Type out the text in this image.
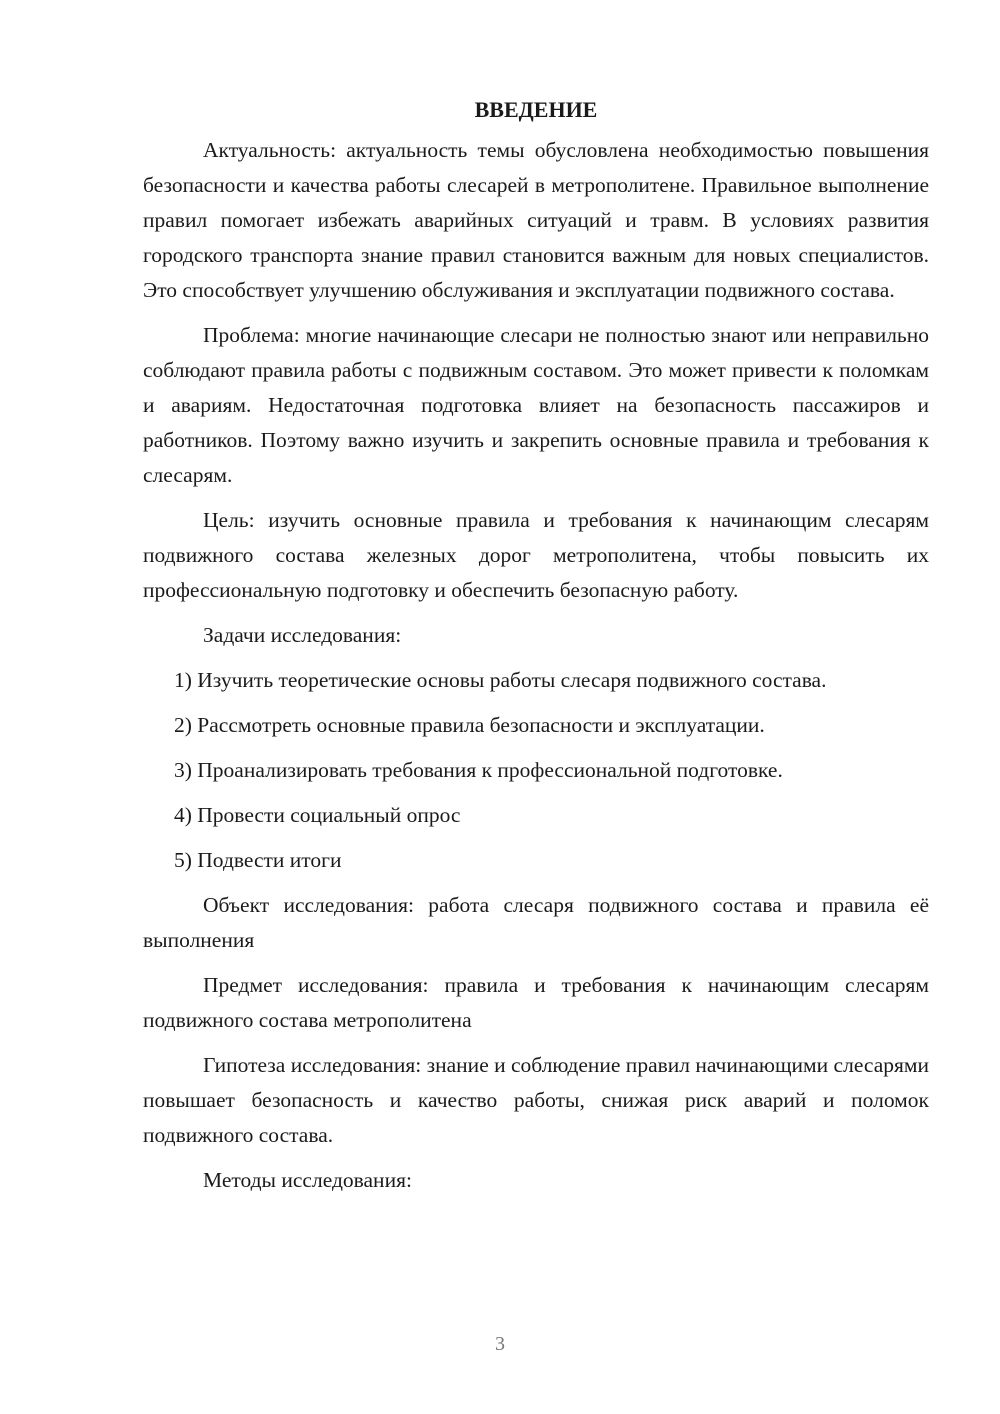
ВВЕДЕНИЕ

Актуальность: актуальность темы обусловлена необходимостью повышения безопасности и качества работы слесарей в метрополитене. Правильное выполнение правил помогает избежать аварийных ситуаций и травм. В условиях развития городского транспорта знание правил становится важным для новых специалистов. Это способствует улучшению обслуживания и эксплуатации подвижного состава.

Проблема: многие начинающие слесари не полностью знают или неправильно соблюдают правила работы с подвижным составом. Это может привести к поломкам и авариям. Недостаточная подготовка влияет на безопасность пассажиров и работников. Поэтому важно изучить и закрепить основные правила и требования к слесарям.

Цель: изучить основные правила и требования к начинающим слесарям подвижного состава железных дорог метрополитена, чтобы повысить их профессиональную подготовку и обеспечить безопасную работу.

Задачи исследования:

1) Изучить теоретические основы работы слесаря подвижного состава.
2) Рассмотреть основные правила безопасности и эксплуатации.
3) Проанализировать требования к профессиональной подготовке.
4) Провести социальный опрос
5) Подвести итоги

Объект исследования: работа слесаря подвижного состава и правила её выполнения

Предмет исследования: правила и требования к начинающим слесарям подвижного состава метрополитена

Гипотеза исследования: знание и соблюдение правил начинающими слесарями повышает безопасность и качество работы, снижая риск аварий и поломок подвижного состава.

Методы исследования:

3
